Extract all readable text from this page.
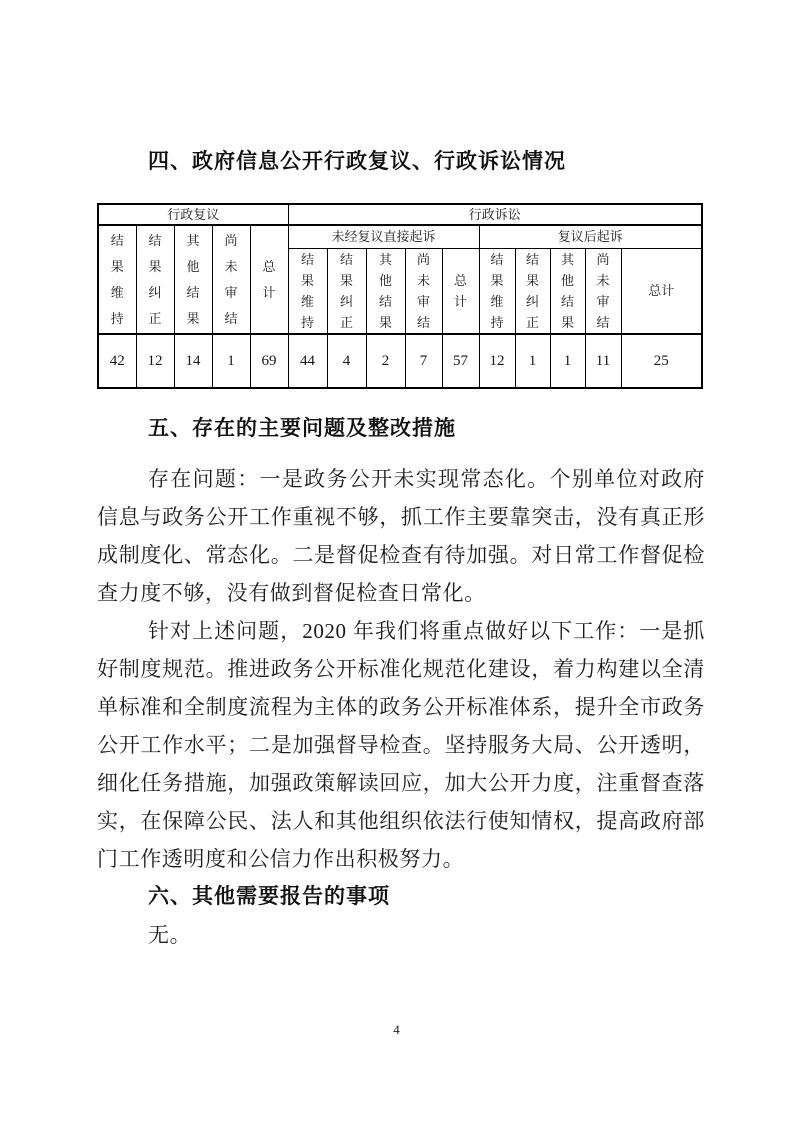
四、政府信息公开行政复议、行政诉讼情况
行政复议					行政诉讼									
结果维持	结果纠正	其他结果	尚未审结	总计	未经复议直接起诉					复议后起诉				
					结果维持	结果纠正	其他结果	尚未审结	总计	结果维持	结果纠正	其他结果	尚未审结	总计
42	12	14	1	69	44	4	2	7	57	12	1	1	11	25
五、存在的主要问题及整改措施

存在问题：一是政务公开未实现常态化。个别单位对政府信息与政务公开工作重视不够，抓工作主要靠突击，没有真正形成制度化、常态化。二是督促检查有待加强。对日常工作督促检查力度不够，没有做到督促检查日常化。

针对上述问题，2020 年我们将重点做好以下工作：一是抓好制度规范。推进政务公开标准化规范化建设，着力构建以全清单标准和全制度流程为主体的政务公开标准体系，提升全市政务公开工作水平；二是加强督导检查。坚持服务大局、公开透明，细化任务措施，加强政策解读回应，加大公开力度，注重督查落实，在保障公民、法人和其他组织依法行使知情权，提高政府部门工作透明度和公信力作出积极努力。

六、其他需要报告的事项

无。

4
